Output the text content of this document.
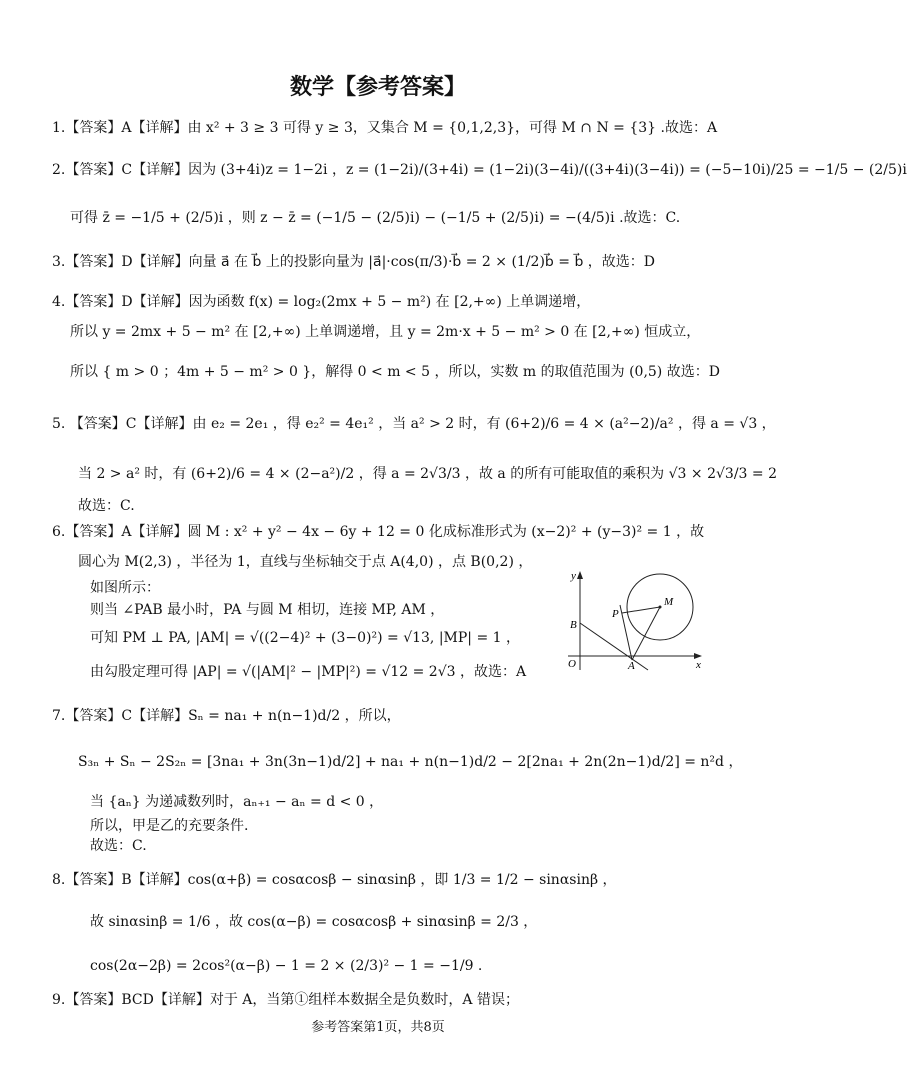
数学【参考答案】
1.【答案】A【详解】由 x² + 3 ≥ 3 可得 y ≥ 3，又集合 M = {0,1,2,3}，可得 M ∩ N = {3} .故选：A
2.【答案】C【详解】因为 (3+4i)z = 1−2i ，z = (1−2i)/(3+4i) = (1−2i)(3−4i)/((3+4i)(3−4i)) = (−5−10i)/25 = −1/5 − (2/5)i
可得 z̄ = −1/5 + (2/5)i ，则 z − z̄ = (−1/5 − (2/5)i) − (−1/5 + (2/5)i) = −(4/5)i .故选：C.
3.【答案】D【详解】向量 a⃗ 在 b⃗ 上的投影向量为 |a⃗|·cos(π/3)·b⃗ = 2 × (1/2)b⃗ = b⃗ ，故选：D
4.【答案】D【详解】因为函数 f(x) = log₂(2mx + 5 − m²) 在 [2,+∞) 上单调递增，
所以 y = 2mx + 5 − m² 在 [2,+∞) 上单调递增，且 y = 2m·x + 5 − m² > 0 在 [2,+∞) 恒成立，
所以 { m > 0 ；4m + 5 − m² > 0 }，解得 0 < m < 5 ，所以，实数 m 的取值范围为 (0,5) 故选：D
5. 【答案】C【详解】由 e₂ = 2e₁ ，得 e₂² = 4e₁² ，当 a² > 2 时，有 (6+2)/6 = 4 × (a²−2)/a² ，得 a = √3 ，
当 2 > a² 时，有 (6+2)/6 = 4 × (2−a²)/2 ，得 a = 2√3/3 ，故 a 的所有可能取值的乘积为 √3 × 2√3/3 = 2
故选：C.
6.【答案】A【详解】圆 M : x² + y² − 4x − 6y + 12 = 0 化成标准形式为 (x−2)² + (y−3)² = 1 ，故
圆心为 M(2,3) ，半径为 1，直线与坐标轴交于点 A(4,0) ，点 B(0,2) ，
如图所示：
则当 ∠PAB 最小时，PA 与圆 M 相切，连接 MP, AM ，
可知 PM ⊥ PA, |AM| = √((2−4)² + (3−0)²) = √13, |MP| = 1 ，
由勾股定理可得 |AP| = √(|AM|² − |MP|²) = √12 = 2√3 ，故选：A
7.【答案】C【详解】Sₙ = na₁ + n(n−1)d/2 ，所以，
S₃ₙ + Sₙ − 2S₂ₙ = [3na₁ + 3n(3n−1)d/2] + na₁ + n(n−1)d/2 − 2[2na₁ + 2n(2n−1)d/2] = n²d ，
当 {aₙ} 为递减数列时，aₙ₊₁ − aₙ = d < 0 ，
所以，甲是乙的充要条件.
故选：C.
8.【答案】B【详解】cos(α+β) = cosαcosβ − sinαsinβ ，即 1/3 = 1/2 − sinαsinβ ，
故 sinαsinβ = 1/6 ，故 cos(α−β) = cosαcosβ + sinαsinβ = 2/3 ，
cos(2α−2β) = 2cos²(α−β) − 1 = 2 × (2/3)² − 1 = −1/9 .
9.【答案】BCD【详解】对于 A，当第①组样本数据全是负数时，A 错误；
y
x
O	A
B
P
M
参考答案第1页，共8页
